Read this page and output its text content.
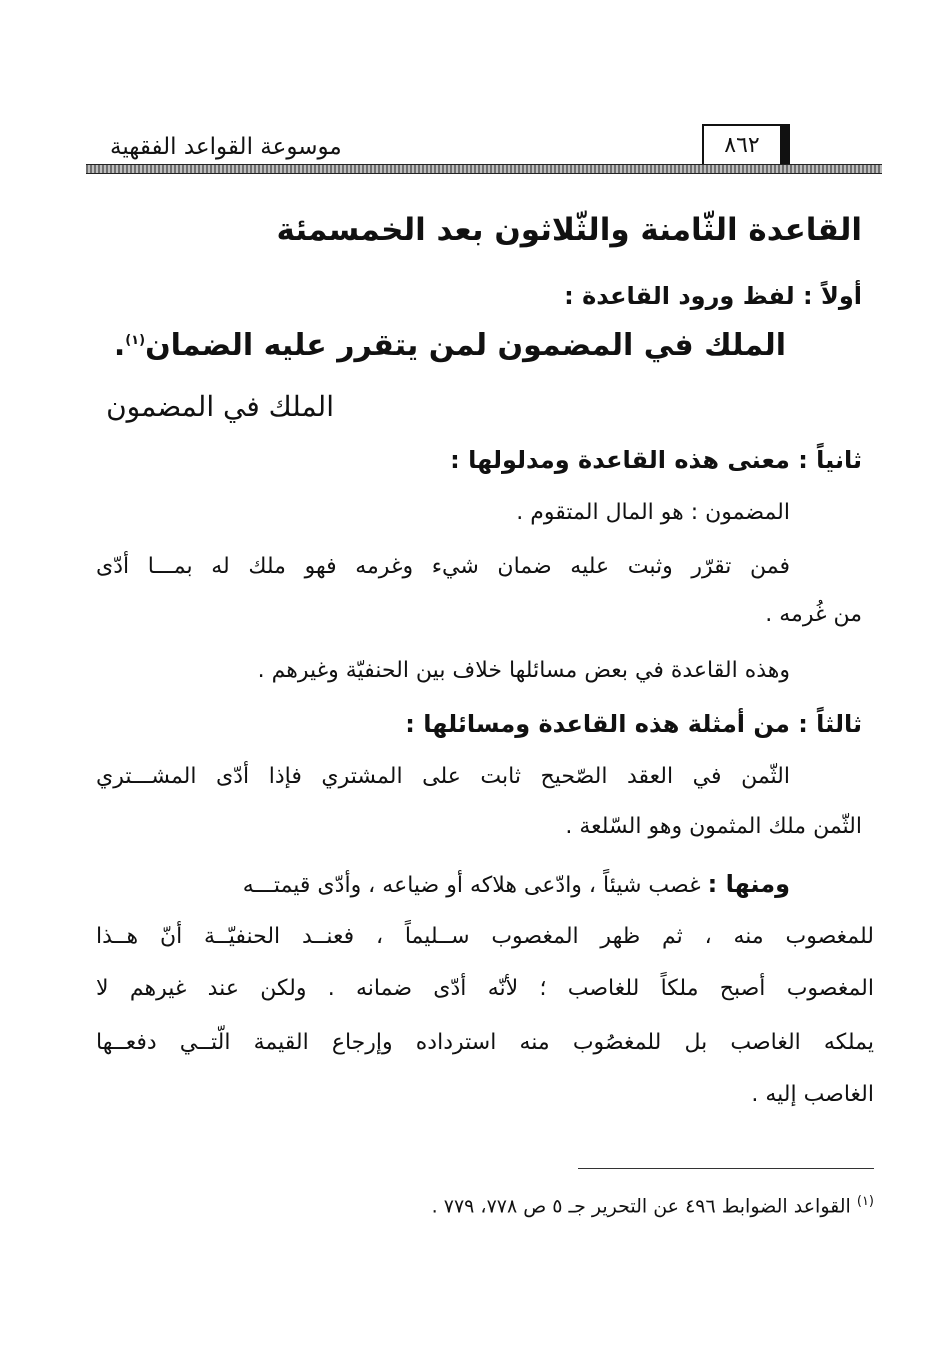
٨٦٢
موسوعة القواعد الفقهية
القاعدة الثّامنة والثّلاثون بعد الخمسمئة
أولاً : لفظ ورود القاعدة :
الملك في المضمون لمن يتقرر عليه الضمان$^{(١)}$.
الملك في المضمون
ثانياً : معنى هذه القاعدة ومدلولها :
المضمون : هو المال المتقوم .
فمن تقرّر وثبت عليه ضمان شيء وغرمه فهو ملك له بمـــا أدّى
من غُرمه .
وهذه القاعدة في بعض مسائلها خلاف بين الحنفيّة وغيرهم .
ثالثاً : من أمثلة هذه القاعدة ومسائلها :
الثّمن في العقد الصّحيح ثابت على المشتري فإذا أدّى المشـــتري
الثّمن ملك المثمون وهو السّلعة .
ومنها : غصب شيئاً ، وادّعى هلاكه أو ضياعه ، وأدّى قيمتـــه
للمغصوب منه ، ثم ظهر المغصوب ســليماً ، فعنــد الحنفيّــة أنّ هــذا
المغصوب أصبح ملكاً للغاصب ؛ لأنّه أدّى ضمانه . ولكن عند غيرهم لا
يملكه الغاصب بل للمغصُوب منه استرداده وإرجاع القيمة الّتــي دفعــها
الغاصب إليه .
$^{(١)}$ القواعد الضوابط ٤٩٦ عن التحرير جـ ٥ ص ٧٧٨، ٧٧٩ .
